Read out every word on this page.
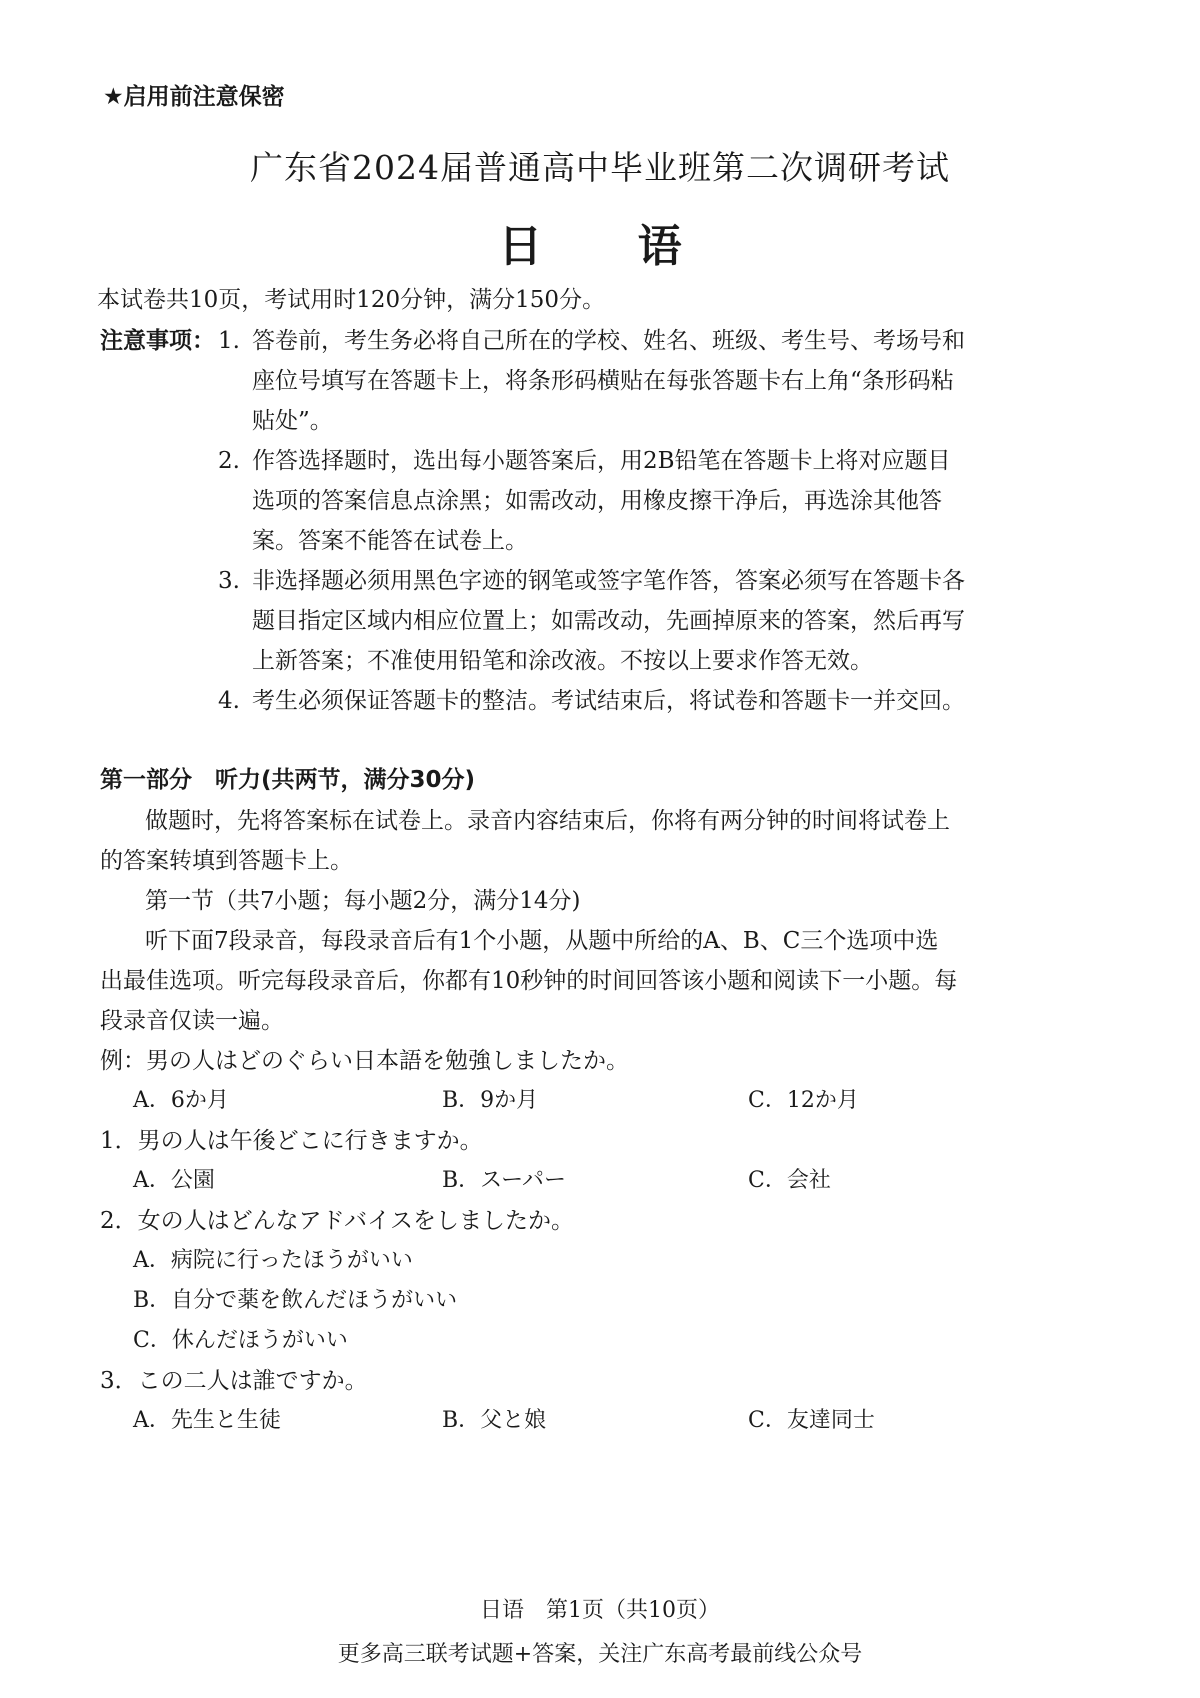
★启用前注意保密
广东省2024届普通高中毕业班第二次调研考试
日 语
本试卷共10页，考试用时120分钟，满分150分。
注意事项： 1. 答卷前，考生务必将自己所在的学校、姓名、班级、考生号、考场号和
座位号填写在答题卡上，将条形码横贴在每张答题卡右上角“条形码粘
贴处”。
2. 作答选择题时，选出每小题答案后，用2B铅笔在答题卡上将对应题目
选项的答案信息点涂黑；如需改动，用橡皮擦干净后，再选涂其他答
案。答案不能答在试卷上。
3. 非选择题必须用黑色字迹的钢笔或签字笔作答，答案必须写在答题卡各
题目指定区域内相应位置上；如需改动，先画掉原来的答案，然后再写
上新答案；不准使用铅笔和涂改液。不按以上要求作答无效。
4. 考生必须保证答题卡的整洁。考试结束后，将试卷和答题卡一并交回。
第一部分　听力(共两节，满分30分)
做题时，先将答案标在试卷上。录音内容结束后，你将有两分钟的时间将试卷上
的答案转填到答题卡上。
第一节（共7小题；每小题2分，满分14分)
听下面7段录音，每段录音后有1个小题，从题中所给的A、B、C三个选项中选
出最佳选项。听完每段录音后，你都有10秒钟的时间回答该小题和阅读下一小题。每
段录音仅读一遍。
例：男の人はどのぐらい日本語を勉強しましたか。
A．6か月	B．9か月	C．12か月
1．男の人は午後どこに行きますか。
A．公園	B．スーパー	C．会社
2．女の人はどんなアドバイスをしましたか。
A．病院に行ったほうがいい
B．自分で薬を飲んだほうがいい
C．休んだほうがいい
3．この二人は誰ですか。
A．先生と生徒	B．父と娘	C．友達同士
日语　第1页（共10页）
更多高三联考试题+答案，关注广东高考最前线公众号
